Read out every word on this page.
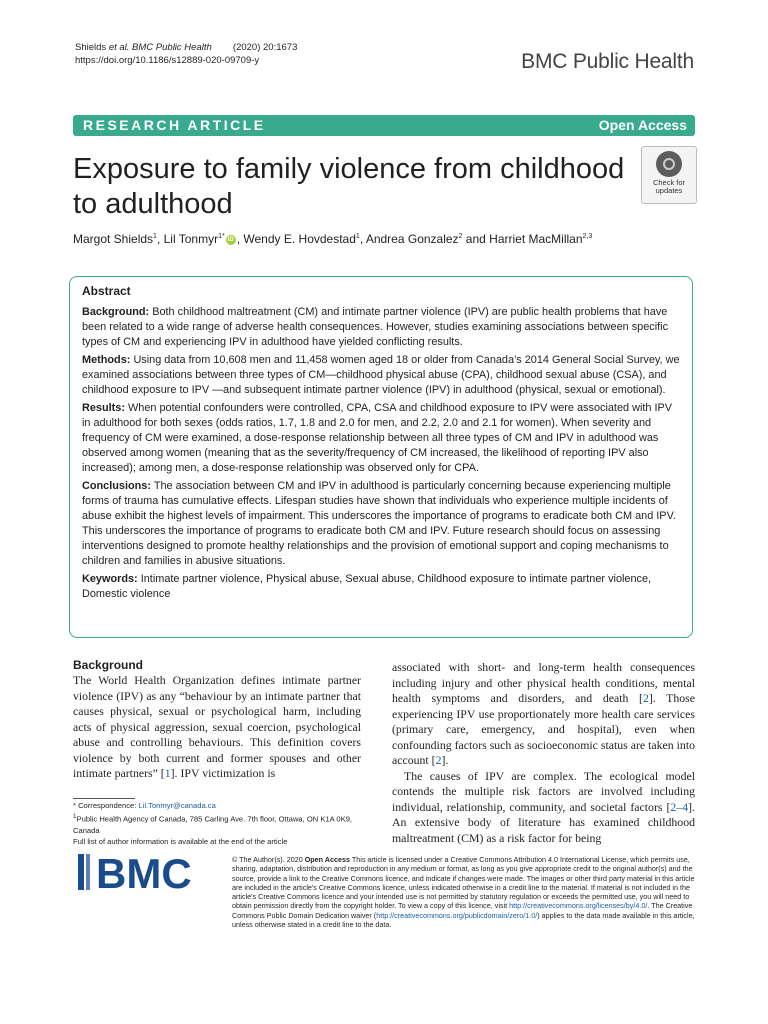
Shields et al. BMC Public Health (2020) 20:1673
https://doi.org/10.1186/s12889-020-09709-y	BMC Public Health
RESEARCH ARTICLE	Open Access
Exposure to family violence from childhood to adulthood
Check for
updates
Margot Shields$^1$, Lil Tonmyr$^{1*}$ iD , Wendy E. Hovdestad$^1$, Andrea Gonzalez$^2$ and Harriet MacMillan$^{2,3}$
Abstract

Background: Both childhood maltreatment (CM) and intimate partner violence (IPV) are public health problems that have been related to a wide range of adverse health consequences. However, studies examining associations between specific types of CM and experiencing IPV in adulthood have yielded conflicting results.

Methods: Using data from 10,608 men and 11,458 women aged 18 or older from Canada’s 2014 General Social Survey, we examined associations between three types of CM—childhood physical abuse (CPA), childhood sexual abuse (CSA), and childhood exposure to IPV —and subsequent intimate partner violence (IPV) in adulthood (physical, sexual or emotional).

Results: When potential confounders were controlled, CPA, CSA and childhood exposure to IPV were associated with IPV in adulthood for both sexes (odds ratios, 1.7, 1.8 and 2.0 for men, and 2.2, 2.0 and 2.1 for women). When severity and frequency of CM were examined, a dose-response relationship between all three types of CM and IPV in adulthood was observed among women (meaning that as the severity/frequency of CM increased, the likelihood of reporting IPV also increased); among men, a dose-response relationship was observed only for CPA.

Conclusions: The association between CM and IPV in adulthood is particularly concerning because experiencing multiple forms of trauma has cumulative effects. Lifespan studies have shown that individuals who experience multiple incidents of abuse exhibit the highest levels of impairment. This underscores the importance of programs to eradicate both CM and IPV. This underscores the importance of programs to eradicate both CM and IPV. Future research should focus on assessing interventions designed to promote healthy relationships and the provision of emotional support and coping mechanisms to children and families in abusive situations.

Keywords: Intimate partner violence, Physical abuse, Sexual abuse, Childhood exposure to intimate partner violence, Domestic violence

Background

The World Health Organization defines intimate partner violence (IPV) as any “behaviour by an intimate partner that causes physical, sexual or psychological harm, including acts of physical aggression, sexual coercion, psychological abuse and controlling behaviours. This definition covers violence by both current and former spouses and other intimate partners” [1]. IPV victimization is

associated with short- and long-term health consequences including injury and other physical health conditions, mental health symptoms and disorders, and death [2]. Those experiencing IPV use proportionately more health care services (primary care, emergency, and hospital), even when confounding factors such as socioeconomic status are taken into account [2].

The causes of IPV are complex. The ecological model contends the multiple risk factors are involved including individual, relationship, community, and societal factors [2–4]. An extensive body of literature has examined childhood maltreatment (CM) as a risk factor for being

* Correspondence: Lil.Tonmyr@canada.ca
$^1$Public Health Agency of Canada, 785 Carling Ave. 7th floor, Ottawa, ON K1A 0K9, Canada
Full list of author information is available at the end of the article
BMC	© The Author(s). 2020 Open Access This article is licensed under a Creative Commons Attribution 4.0 International License, which permits use, sharing, adaptation, distribution and reproduction in any medium or format, as long as you give appropriate credit to the original author(s) and the source, provide a link to the Creative Commons licence, and indicate if changes were made. The images or other third party material in this article are included in the article's Creative Commons licence, unless indicated otherwise in a credit line to the material. If material is not included in the article's Creative Commons licence and your intended use is not permitted by statutory regulation or exceeds the permitted use, you will need to obtain permission directly from the copyright holder. To view a copy of this licence, visit http://creativecommons.org/licenses/by/4.0/. The Creative Commons Public Domain Dedication waiver (http://creativecommons.org/publicdomain/zero/1.0/) applies to the data made available in this article, unless otherwise stated in a credit line to the data.
